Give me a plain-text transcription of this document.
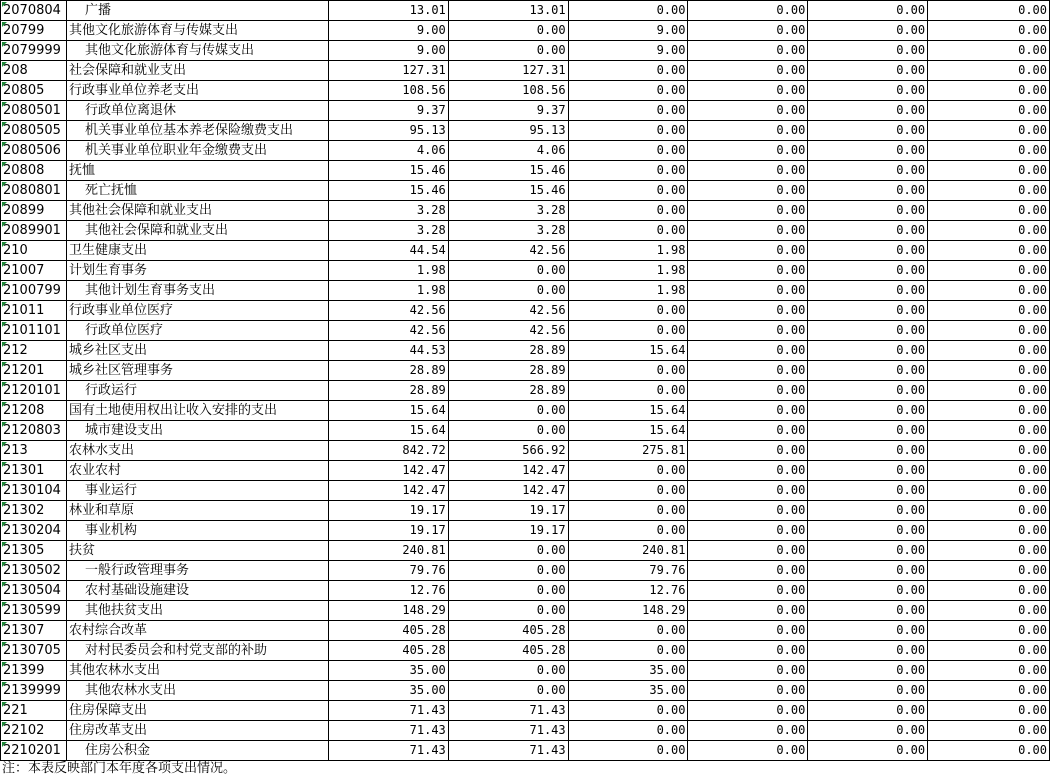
2070804	广播	13.01	13.01	0.00	0.00	0.00	0.00
20799	其他文化旅游体育与传媒支出	9.00	0.00	9.00	0.00	0.00	0.00
2079999	其他文化旅游体育与传媒支出	9.00	0.00	9.00	0.00	0.00	0.00
208	社会保障和就业支出	127.31	127.31	0.00	0.00	0.00	0.00
20805	行政事业单位养老支出	108.56	108.56	0.00	0.00	0.00	0.00
2080501	行政单位离退休	9.37	9.37	0.00	0.00	0.00	0.00
2080505	机关事业单位基本养老保险缴费支出	95.13	95.13	0.00	0.00	0.00	0.00
2080506	机关事业单位职业年金缴费支出	4.06	4.06	0.00	0.00	0.00	0.00
20808	抚恤	15.46	15.46	0.00	0.00	0.00	0.00
2080801	死亡抚恤	15.46	15.46	0.00	0.00	0.00	0.00
20899	其他社会保障和就业支出	3.28	3.28	0.00	0.00	0.00	0.00
2089901	其他社会保障和就业支出	3.28	3.28	0.00	0.00	0.00	0.00
210	卫生健康支出	44.54	42.56	1.98	0.00	0.00	0.00
21007	计划生育事务	1.98	0.00	1.98	0.00	0.00	0.00
2100799	其他计划生育事务支出	1.98	0.00	1.98	0.00	0.00	0.00
21011	行政事业单位医疗	42.56	42.56	0.00	0.00	0.00	0.00
2101101	行政单位医疗	42.56	42.56	0.00	0.00	0.00	0.00
212	城乡社区支出	44.53	28.89	15.64	0.00	0.00	0.00
21201	城乡社区管理事务	28.89	28.89	0.00	0.00	0.00	0.00
2120101	行政运行	28.89	28.89	0.00	0.00	0.00	0.00
21208	国有土地使用权出让收入安排的支出	15.64	0.00	15.64	0.00	0.00	0.00
2120803	城市建设支出	15.64	0.00	15.64	0.00	0.00	0.00
213	农林水支出	842.72	566.92	275.81	0.00	0.00	0.00
21301	农业农村	142.47	142.47	0.00	0.00	0.00	0.00
2130104	事业运行	142.47	142.47	0.00	0.00	0.00	0.00
21302	林业和草原	19.17	19.17	0.00	0.00	0.00	0.00
2130204	事业机构	19.17	19.17	0.00	0.00	0.00	0.00
21305	扶贫	240.81	0.00	240.81	0.00	0.00	0.00
2130502	一般行政管理事务	79.76	0.00	79.76	0.00	0.00	0.00
2130504	农村基础设施建设	12.76	0.00	12.76	0.00	0.00	0.00
2130599	其他扶贫支出	148.29	0.00	148.29	0.00	0.00	0.00
21307	农村综合改革	405.28	405.28	0.00	0.00	0.00	0.00
2130705	对村民委员会和村党支部的补助	405.28	405.28	0.00	0.00	0.00	0.00
21399	其他农林水支出	35.00	0.00	35.00	0.00	0.00	0.00
2139999	其他农林水支出	35.00	0.00	35.00	0.00	0.00	0.00
221	住房保障支出	71.43	71.43	0.00	0.00	0.00	0.00
22102	住房改革支出	71.43	71.43	0.00	0.00	0.00	0.00
2210201	住房公积金	71.43	71.43	0.00	0.00	0.00	0.00
注：本表反映部门本年度各项支出情况。
